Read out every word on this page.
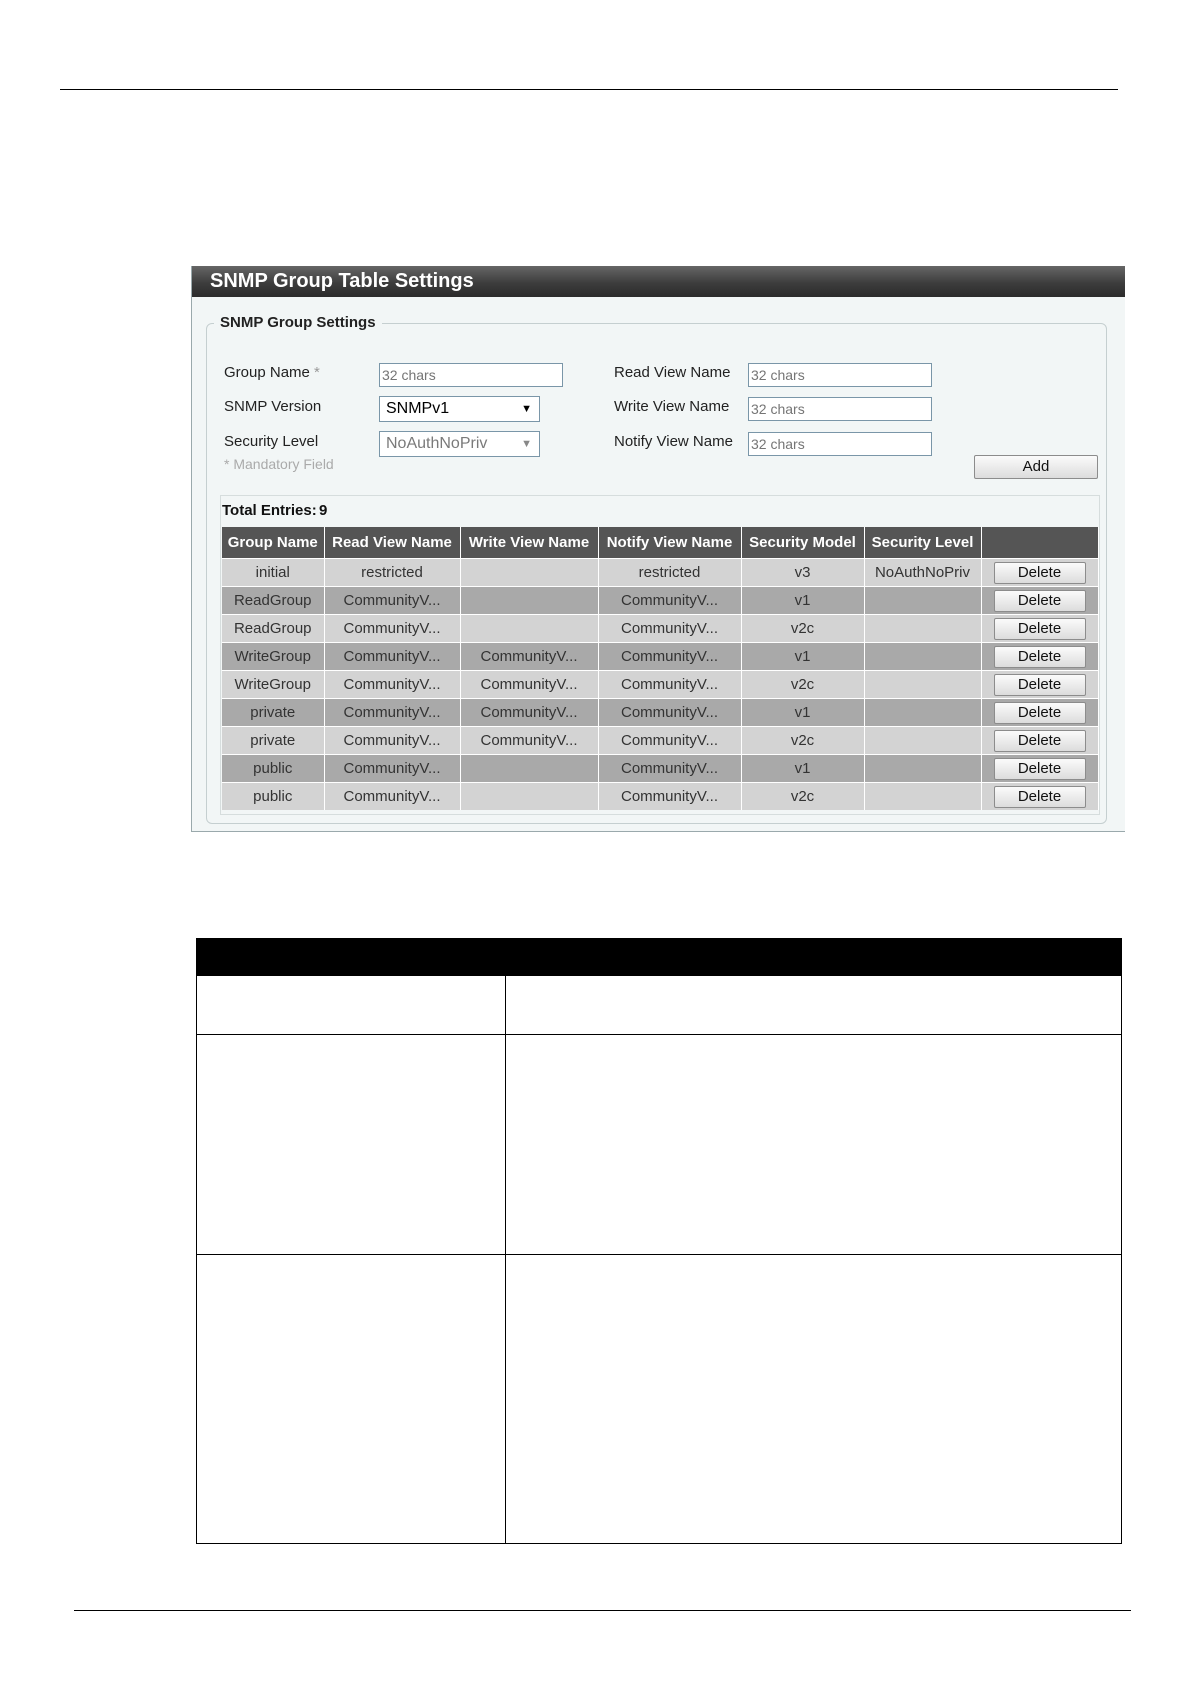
SNMP Group Table Settings
SNMP Group Settings
Group Name *
32 chars
SNMP Version	SNMPv1	▼
Security Level	NoAuthNoPriv	▼
Read View Name
32 chars
Write View Name
32 chars
Notify View Name
32 chars
* Mandatory Field	Add
Total Entries: 9
Group Name	Read View Name	Write View Name	Notify View Name	Security Model	Security Level	
initial	restricted		restricted	v3	NoAuthNoPriv	Delete
ReadGroup	CommunityV...		CommunityV...	v1		Delete
ReadGroup	CommunityV...		CommunityV...	v2c		Delete
WriteGroup	CommunityV...	CommunityV...	CommunityV...	v1		Delete
WriteGroup	CommunityV...	CommunityV...	CommunityV...	v2c		Delete
private	CommunityV...	CommunityV...	CommunityV...	v1		Delete
private	CommunityV...	CommunityV...	CommunityV...	v2c		Delete
public	CommunityV...		CommunityV...	v1		Delete
public	CommunityV...		CommunityV...	v2c		Delete
